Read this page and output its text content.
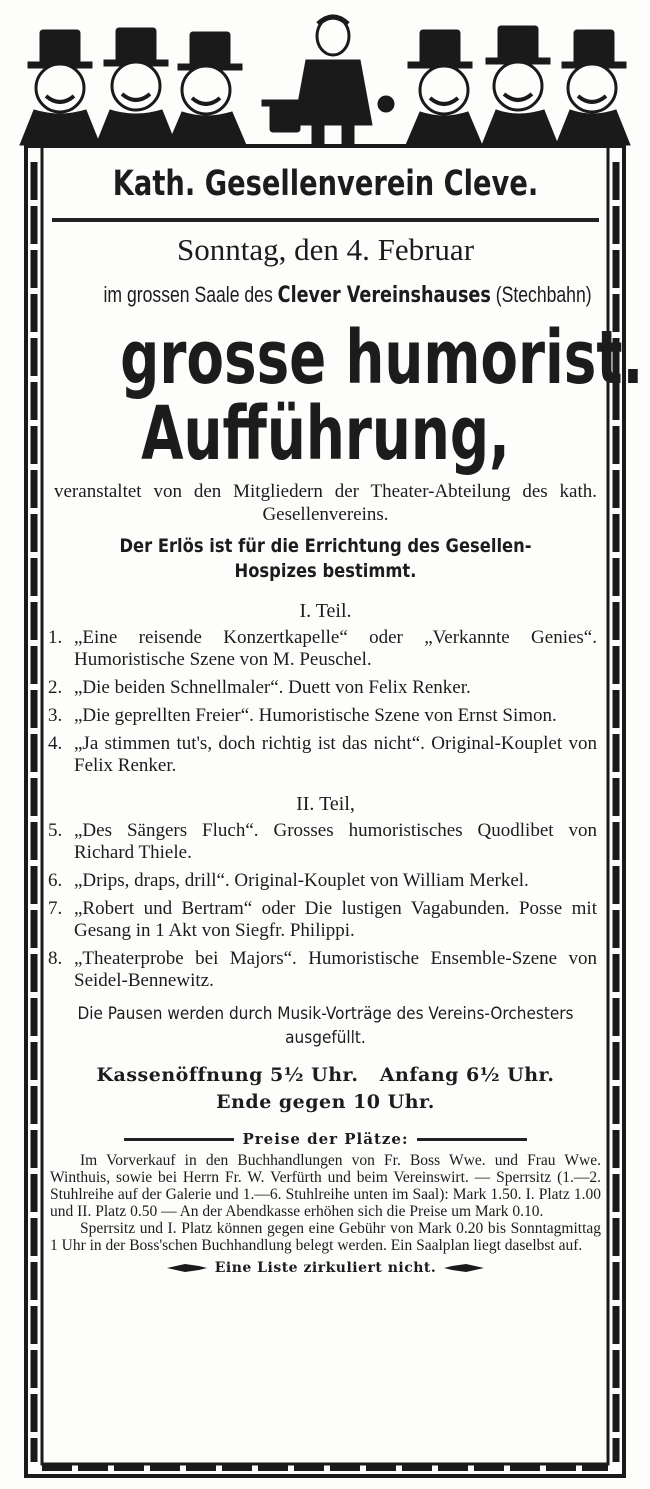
Kath. Gesellenverein Cleve.
Sonntag, den 4. Februar
im grossen Saale des Clever Vereinshauses (Stechbahn)
grosse humorist.
Aufführung,
veranstaltet von den Mitgliedern der Theater-Abteilung des kath. Gesellenvereins.
Der Erlös ist für die Errichtung des Gesellen-Hospizes bestimmt.
I. Teil.
1. „Eine reisende Konzertkapelle“ oder „Verkannte Genies“. Humoristische Szene von M. Peuschel.
2. „Die beiden Schnellmaler“. Duett von Felix Renker.
3. „Die geprellten Freier“. Humoristische Szene von Ernst Simon.
4. „Ja stimmen tut's, doch richtig ist das nicht“. Original-Kouplet von Felix Renker.
II. Teil,
5. „Des Sängers Fluch“. Grosses humoristisches Quodlibet von Richard Thiele.
6. „Drips, draps, drill“. Original-Kouplet von William Merkel.
7. „Robert und Bertram“ oder Die lustigen Vagabunden. Posse mit Gesang in 1 Akt von Siegfr. Philippi.
8. „Theaterprobe bei Majors“. Humoristische Ensemble-Szene von Seidel-Bennewitz.
Die Pausen werden durch Musik-Vorträge des Vereins-Orchesters ausgefüllt.
Kassenöffnung 5½ Uhr.   Anfang 6½ Uhr.
Ende gegen 10 Uhr.
Preise der Plätze:

Im Vorverkauf in den Buchhandlungen von Fr. Boss Wwe. und Frau Wwe. Winthuis, sowie bei Herrn Fr. W. Verfürth und beim Vereinswirt. — Sperrsitz (1.—2. Stuhlreihe auf der Galerie und 1.—6. Stuhlreihe unten im Saal): Mark 1.50. I. Platz 1.00 und II. Platz 0.50 — An der Abendkasse erhöhen sich die Preise um Mark 0.10.

Sperrsitz und I. Platz können gegen eine Gebühr von Mark 0.20 bis Sonntagmittag 1 Uhr in der Boss'schen Buchhandlung belegt werden. Ein Saalplan liegt daselbst auf.

Eine Liste zirkuliert nicht.
